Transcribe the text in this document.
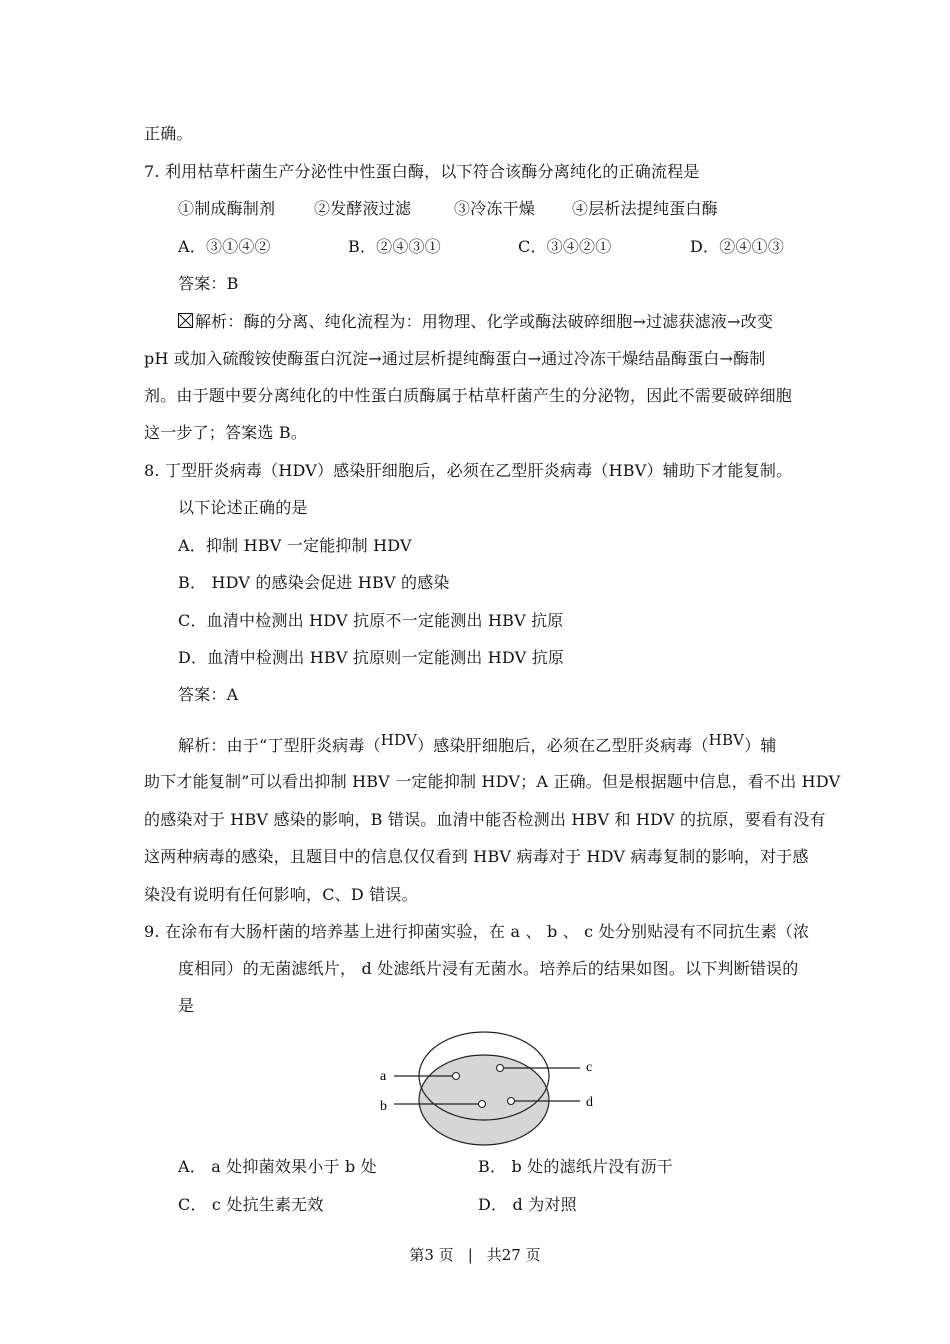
正确。
7. 利用枯草杆菌生产分泌性中性蛋白酶，以下符合该酶分离纯化的正确流程是
①制成酶制剂 ②发酵液过滤	③冷冻干燥 ④层析法提纯蛋白酶
A．③①④②	B．②④③①	C．③④②①	D．②④①③
答案：B
解析：酶的分离、纯化流程为：用物理、化学或酶法破碎细胞→过滤获滤液→改变
pH 或加入硫酸铵使酶蛋白沉淀→通过层析提纯酶蛋白→通过冷冻干燥结晶酶蛋白→酶制
剂。由于题中要分离纯化的中性蛋白质酶属于枯草杆菌产生的分泌物，因此不需要破碎细胞
这一步了；答案选 B。
8. 丁型肝炎病毒（HDV）感染肝细胞后，必须在乙型肝炎病毒（HBV）辅助下才能复制。
以下论述正确的是
A．抑制 HBV 一定能抑制 HDV
B． HDV 的感染会促进 HBV 的感染
C．血清中检测出 HDV 抗原不一定能测出 HBV 抗原
D．血清中检测出 HBV 抗原则一定能测出 HDV 抗原
答案：A
解析：由于“丁型肝炎病毒（HDV）感染肝细胞后，必须在乙型肝炎病毒（HBV）辅
助下才能复制”可以看出抑制 HBV 一定能抑制 HDV；A 正确。但是根据题中信息，看不出 HDV
的感染对于 HBV 感染的影响，B 错误。血清中能否检测出 HBV 和 HDV 的抗原，要看有没有
这两种病毒的感染，且题目中的信息仅仅看到 HBV 病毒对于 HDV 病毒复制的影响，对于感
染没有说明有任何影响，C、D 错误。
9. 在涂布有大肠杆菌的培养基上进行抑菌实验，在 a 、 b 、 c 处分别贴浸有不同抗生素（浓
度相同）的无菌滤纸片， d 处滤纸片浸有无菌水。培养后的结果如图。以下判断错误的
是
a
b
c
d
A． a 处抑菌效果小于 b 处	B． b 处的滤纸片没有沥干
C． c 处抗生素无效	D． d 为对照
第3 页 | 共27 页
